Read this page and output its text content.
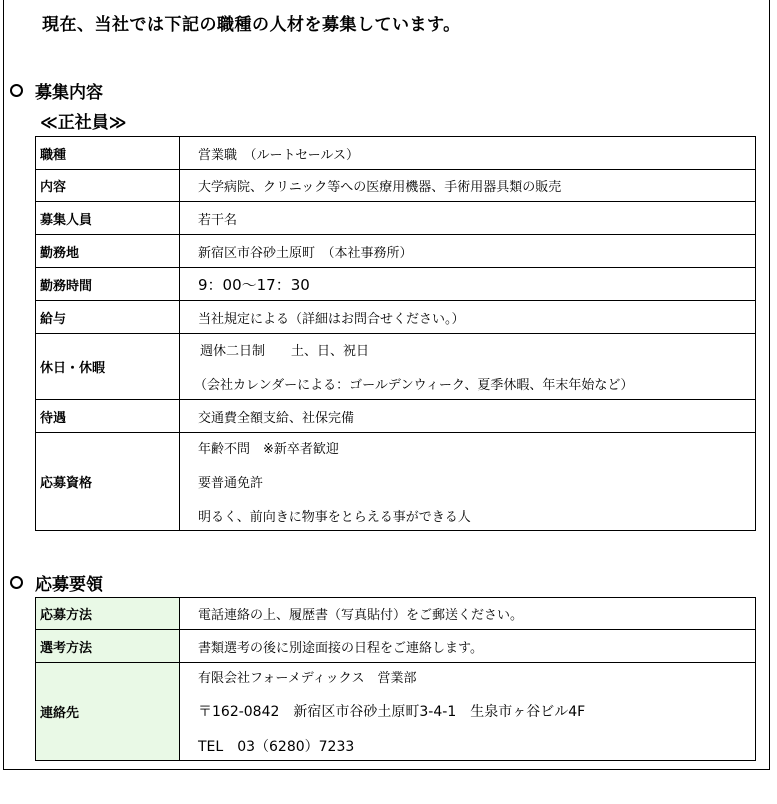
現在、当社では下記の職種の人材を募集しています。
募集内容
≪正社員≫
職種	営業職　（ルートセールス）

内容	大学病院、クリニック等への医療用機器、手術用器具類の販売

募集人員	若干名

勤務地	新宿区市谷砂土原町　（本社事務所）

勤務時間	9：00～17：30

給与	当社規定による（詳細はお問合せください。）

休日・休暇	週休二日制　　土、日、祝日
（会社カレンダーによる：ゴールデンウィーク、夏季休暇、年末年始など）

待遇	交通費全額支給、社保完備

応募資格	年齢不問　※新卒者歓迎
要普通免許
明るく、前向きに物事をとらえる事ができる人
応募要領
応募方法	電話連絡の上、履歴書（写真貼付）をご郵送ください。

選考方法	書類選考の後に別途面接の日程をご連絡します。

連絡先	有限会社フォーメディックス　営業部
〒162-0842　新宿区市谷砂土原町3-4-1　生泉市ヶ谷ビル4F
TEL　03（6280）7233
